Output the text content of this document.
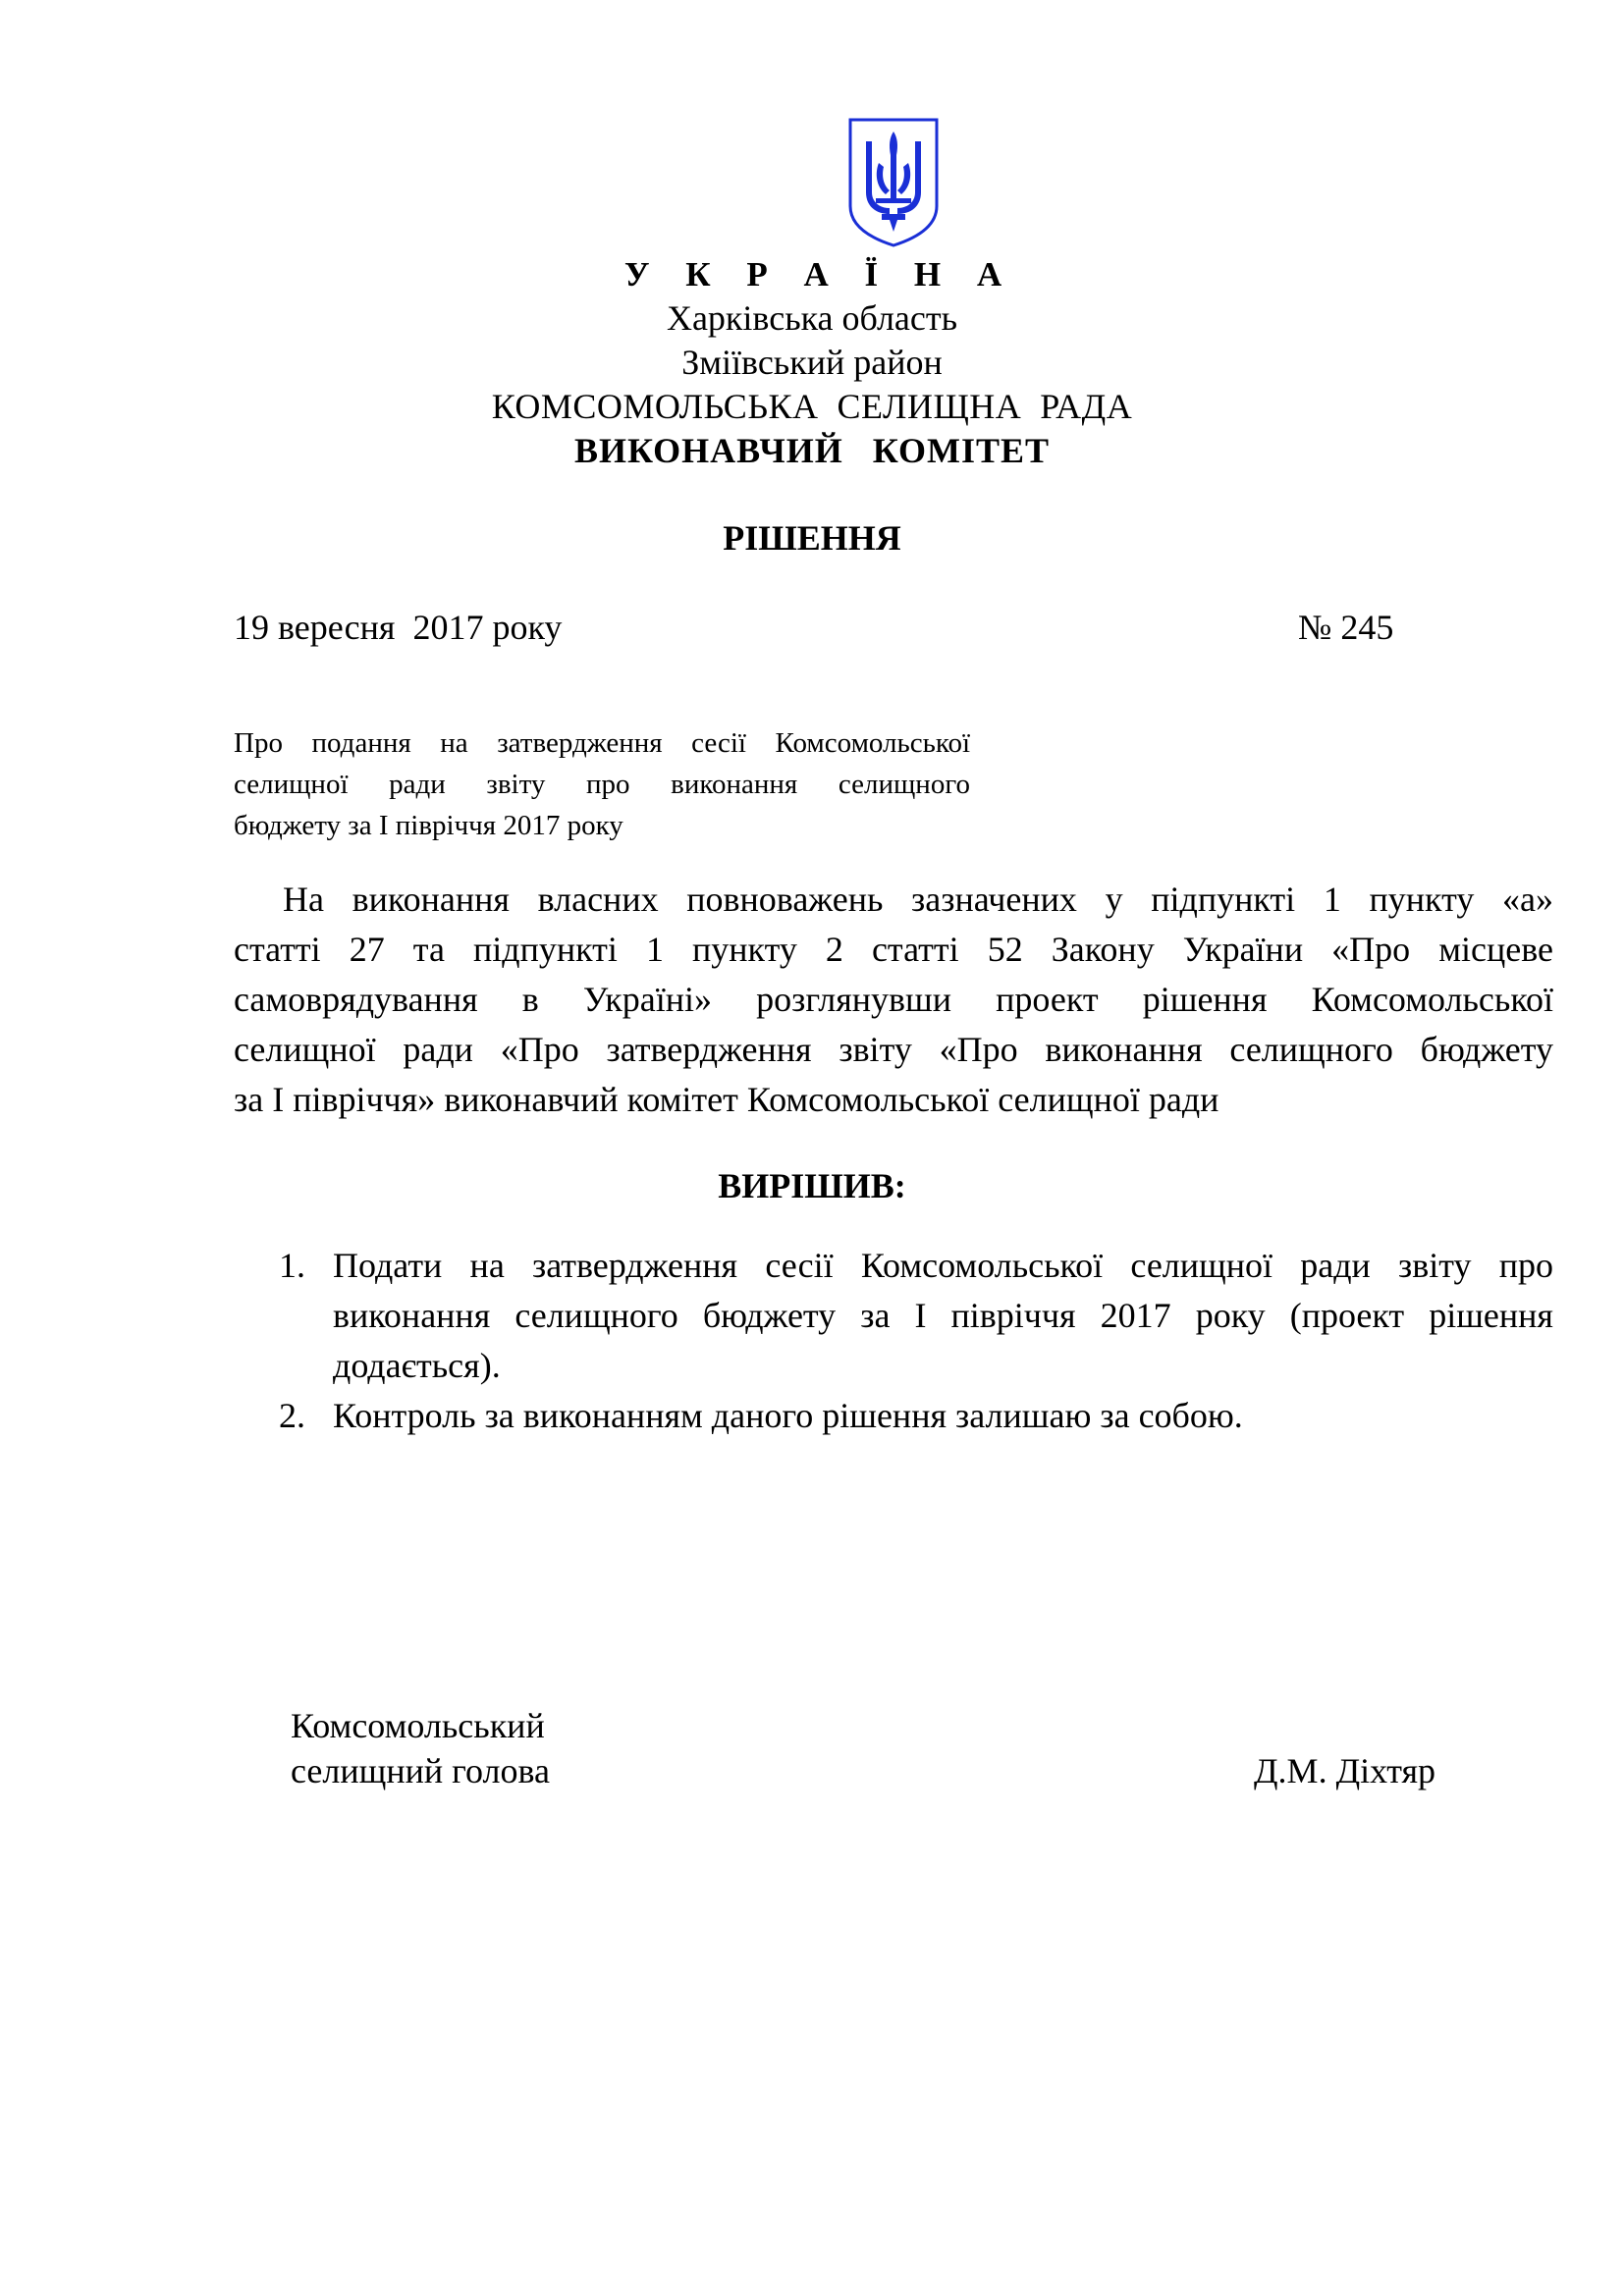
У К Р А Ї Н А
Харківська область
Зміївський район
КОМСОМОЛЬСЬКА  СЕЛИЩНА  РАДА
ВИКОНАВЧИЙ   КОМІТЕТ
РІШЕННЯ
19 вересня  2017 року	№ 245
Про подання на затвердження сесії Комсомольської
селищної ради звіту про виконання селищного
бюджету за І півріччя 2017 року
На виконання власних повноважень зазначених у підпункті 1 пункту «а»
статті 27 та підпункті 1 пункту 2 статті 52 Закону України «Про місцеве
самоврядування в Україні» розглянувши проект рішення Комсомольської
селищної ради «Про затвердження звіту «Про виконання селищного бюджету
за І півріччя» виконавчий комітет Комсомольської селищної ради
ВИРІШИВ:
1. Подати на затвердження сесії Комсомольської селищної ради звіту про
виконання селищного бюджету за І півріччя 2017 року (проект рішення
додається).
2. Контроль за виконанням даного рішення залишаю за собою.
Комсомольський
селищний голова	Д.М. Діхтяр
